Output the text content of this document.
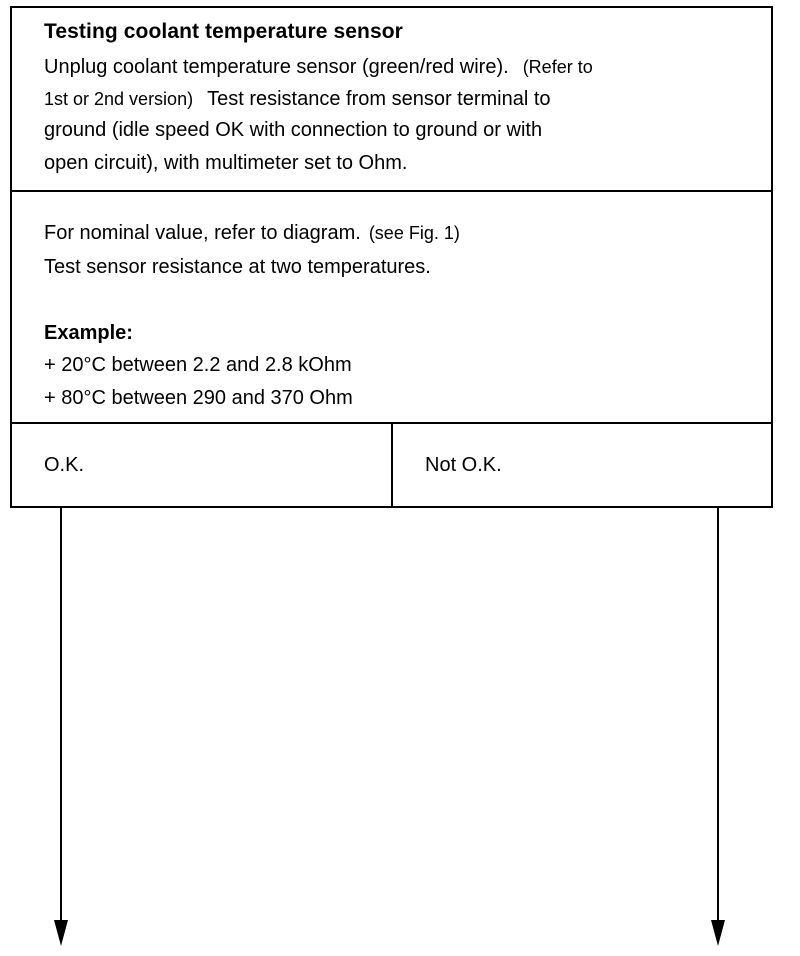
Testing coolant temperature sensor
Unplug coolant temperature sensor (green/red wire). (Refer to
1st or 2nd version) Test resistance from sensor terminal to
ground (idle speed OK with connection to ground or with
open circuit), with multimeter set to Ohm.
For nominal value, refer to diagram. (see Fig. 1)
Test sensor resistance at two temperatures.
Example:
+ 20°C between 2.2 and 2.8 kOhm
+ 80°C between 290 and 370 Ohm
O.K.	Not O.K.
